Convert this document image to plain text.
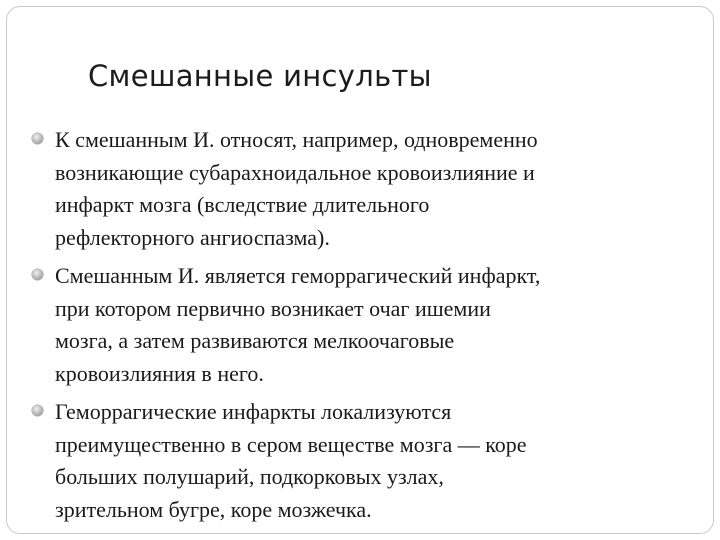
Смешанные инсульты
К смешанным И. относят, например, одновременно
возникающие субарахноидальное кровоизлияние и
инфаркт мозга (вследствие длительного
рефлекторного ангиоспазма).
Смешанным И. является геморрагический инфаркт,
при котором первично возникает очаг ишемии
мозга, а затем развиваются мелкоочаговые
кровоизлияния в него.
Геморрагические инфаркты локализуются
преимущественно в сером веществе мозга — коре
больших полушарий, подкорковых узлах,
зрительном бугре, коре мозжечка.
